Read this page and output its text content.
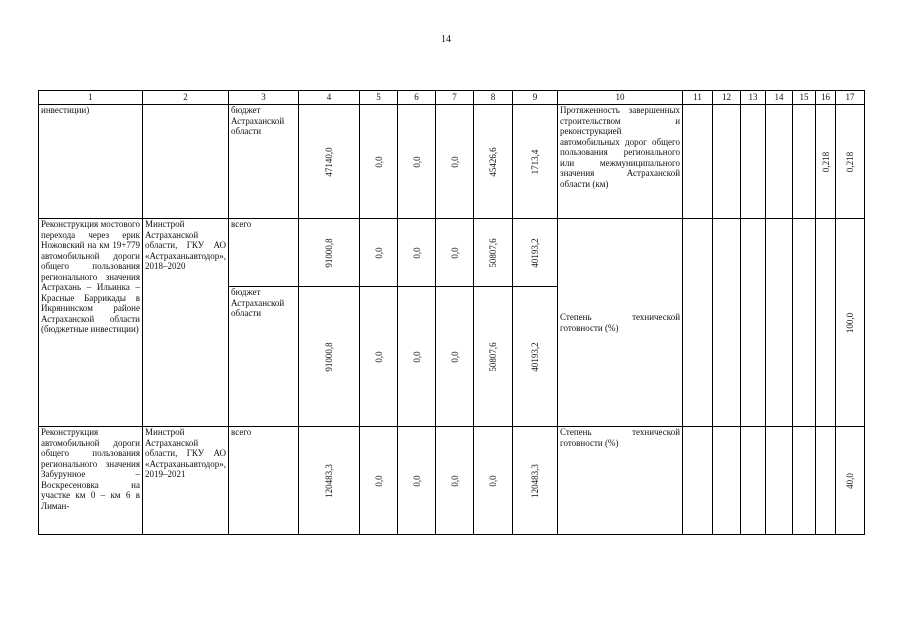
14
1	2	3	4	5	6	7	8	9	10	11	12	13	14	15	16	17
инвестиции)		бюджет Астраханской области	47140,0	0,0	0,0	0,0	45426,6	1713,4	Протяженность завершенных строительством и реконструкцией автомобильных дорог общего пользования регионального или межмуниципального значения Астраханской области (км)						0,218	0,218

Реконструкция мостового перехода через ерик Ножовский на км 19+779 автомобильной дороги общего пользования регионального значения Астрахань – Ильинка – Красные Баррикады в Икрянинском районе Астраханской области (бюджетные инвестиции)	Минстрой Астраханской области, ГКУ АО «Астраханьавтодор», 2018–2020	всего	91000,8	0,0	0,0	0,0	50807,6	40193,2	Степень технической готовности (%)							100,0

		бюджет Астраханской области	91000,8	0,0	0,0	0,0	50807,6	40193,2								

Реконструкция автомобильной дороги общего пользования регионального значения Забурунное – Воскресеновка на участке км 0 – км 6 в Лиман-	Минстрой Астраханской области, ГКУ АО «Астраханьавтодор», 2019–2021	всего	120483,3	0,0	0,0	0,0	0,0	120483,3	Степень технической готовности (%)							40,0
